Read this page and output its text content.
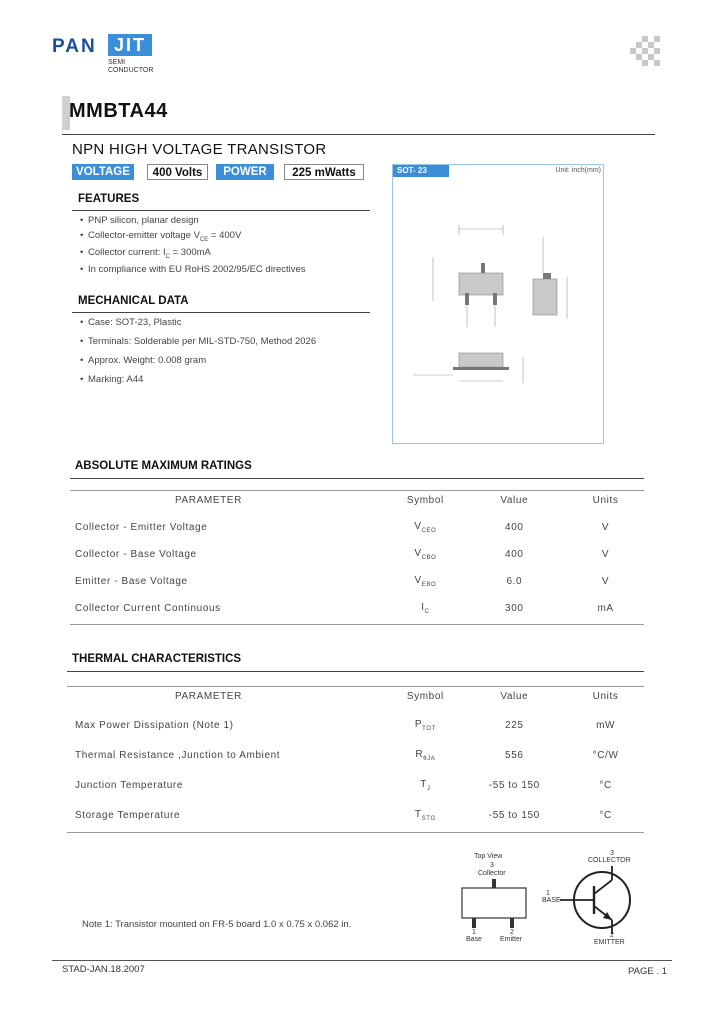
PAN JIT
SEMI
CONDUCTOR
MMBTA44
NPN HIGH VOLTAGE TRANSISTOR
VOLTAGE	400 Volts	POWER	225 mWatts
FEATURES
• PNP silicon, planar design
• Collector-emitter voltage $V_{CE} = 400V$
• Collector current: $I_C = 300mA$
• In compliance with EU RoHS 2002/95/EC directives
MECHANICAL DATA
• Case: SOT-23, Plastic
• Terminals: Solderable per MIL-STD-750, Method 2026
• Approx. Weight: 0.008 gram
• Marking: A44
SOT- 23	Unit: inch(mm)
ABSOLUTE MAXIMUM RATINGS
PARAMETER	Symbol	Value	Units
Collector - Emitter Voltage	$V_{CEO}$	400	V
Collector - Base Voltage	$V_{CBO}$	400	V
Emitter - Base Voltage	$V_{EBO}$	6.0	V
Collector Current Continuous	$I_C$	300	mA
THERMAL CHARACTERISTICS
PARAMETER	Symbol	Value	Units
Max Power Dissipation (Note 1)	$P_{TOT}$	225	mW
Thermal Resistance ,Junction to Ambient	$R_{\theta JA}$	556	°C/W
Junction Temperature	$T_J$	-55 to 150	°C
Storage Temperature	$T_{STG}$	-55 to 150	°C
Top View
3
Collector
1
Base
2
Emitter
3
COLLECTOR
1
BASE
2
EMITTER
Note 1: Transistor mounted on FR-5 board 1.0 x 0.75 x 0.062 in.
STAD-JAN.18.2007	PAGE . 1
